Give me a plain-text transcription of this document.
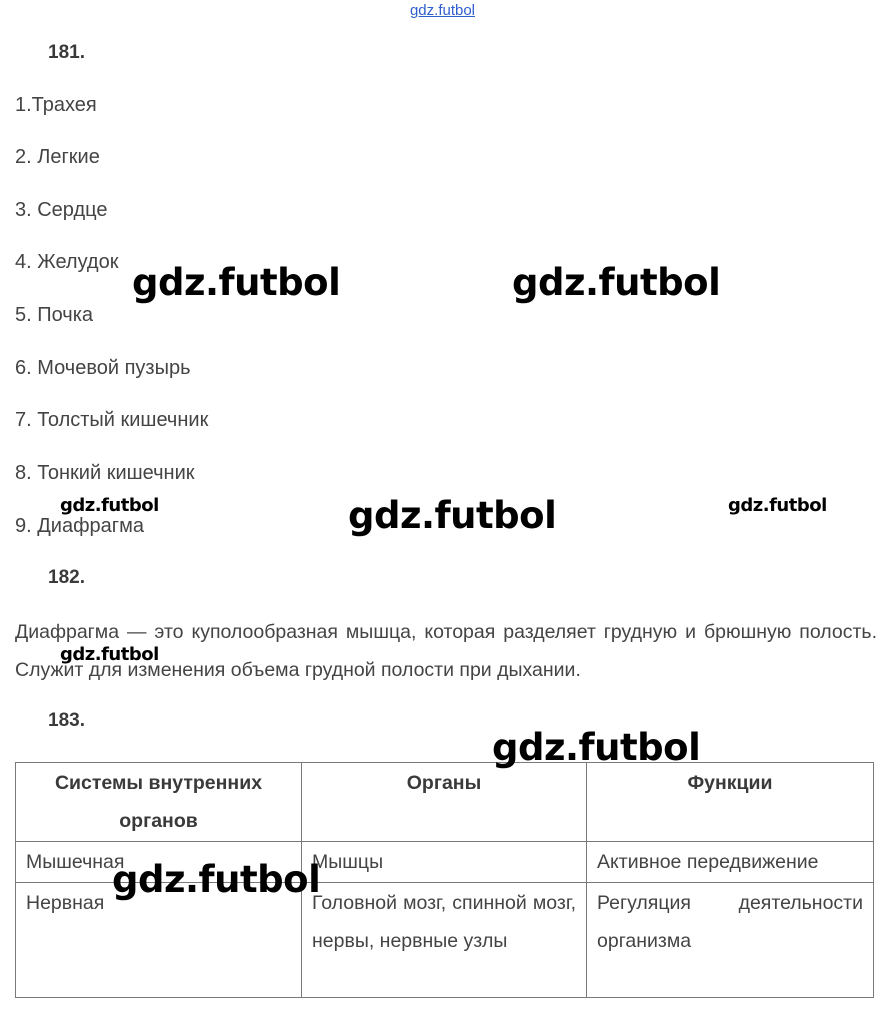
gdz.futbol
181.
1.Трахея
2. Легкие
3. Сердце
4. Желудок
5. Почка
6. Мочевой пузырь
7. Толстый кишечник
8. Тонкий кишечник
9. Диафрагма
182.
Диафрагма — это куполообразная мышца, которая разделяет грудную и брюшную полость. Служит для изменения объема грудной полости при дыхании.
183.
Системы внутренних органов	Органы	Функции
Мышечная	Мышцы	Активное передвижение
Нервная	Головной мозг, спинной мозг, нервы, нервные узлы	Регуляция деятельности организма
gdz.futbol	gdz.futbol
gdz.futbol	gdz.futbol	gdz.futbol
gdz.futbol
gdz.futbol
gdz.futbol
